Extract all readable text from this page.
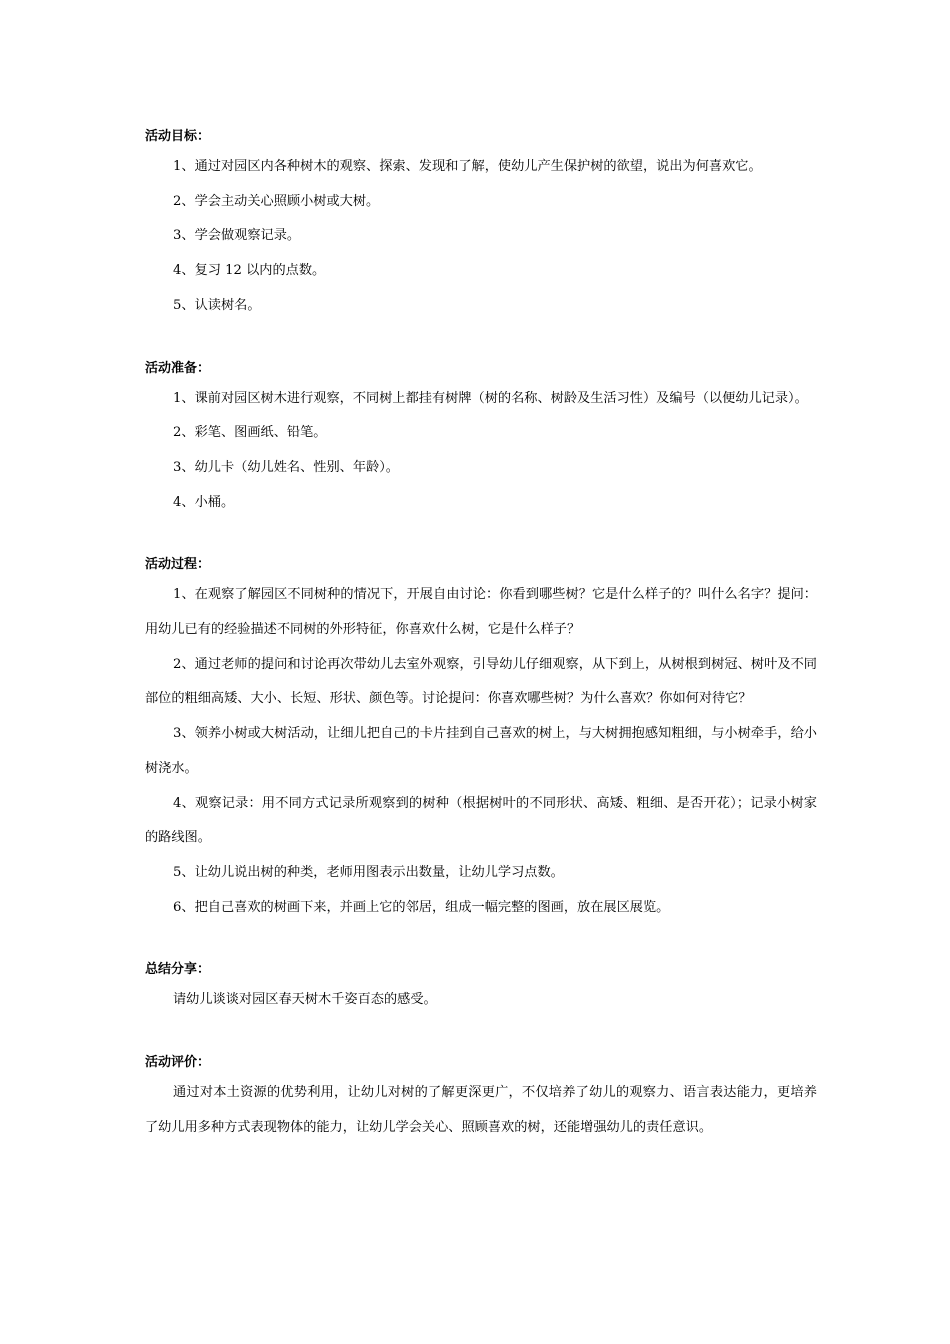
活动目标：
1、通过对园区内各种树木的观察、探索、发现和了解，使幼儿产生保护树的欲望，说出为何喜欢它。
2、学会主动关心照顾小树或大树。
3、学会做观察记录。
4、复习 12 以内的点数。
5、认读树名。
活动准备：
1、课前对园区树木进行观察，不同树上都挂有树牌（树的名称、树龄及生活习性）及编号（以便幼儿记录）。
2、彩笔、图画纸、铅笔。
3、幼儿卡（幼儿姓名、性别、年龄）。
4、小桶。
活动过程：
1、在观察了解园区不同树种的情况下，开展自由讨论：你看到哪些树？它是什么样子的？叫什么名字？提问：用幼儿已有的经验描述不同树的外形特征，你喜欢什么树，它是什么样子？
2、通过老师的提问和讨论再次带幼儿去室外观察，引导幼儿仔细观察，从下到上，从树根到树冠、树叶及不同部位的粗细高矮、大小、长短、形状、颜色等。讨论提问：你喜欢哪些树？为什么喜欢？你如何对待它？
3、领养小树或大树活动，让细儿把自己的卡片挂到自己喜欢的树上，与大树拥抱感知粗细，与小树牵手，给小树浇水。
4、观察记录：用不同方式记录所观察到的树种（根据树叶的不同形状、高矮、粗细、是否开花）；记录小树家的路线图。
5、让幼儿说出树的种类，老师用图表示出数量，让幼儿学习点数。
6、把自己喜欢的树画下来，并画上它的邻居，组成一幅完整的图画，放在展区展览。
总结分享：
请幼儿谈谈对园区春天树木千姿百态的感受。
活动评价：
通过对本土资源的优势利用，让幼儿对树的了解更深更广，不仅培养了幼儿的观察力、语言表达能力，更培养了幼儿用多种方式表现物体的能力，让幼儿学会关心、照顾喜欢的树，还能增强幼儿的责任意识。
